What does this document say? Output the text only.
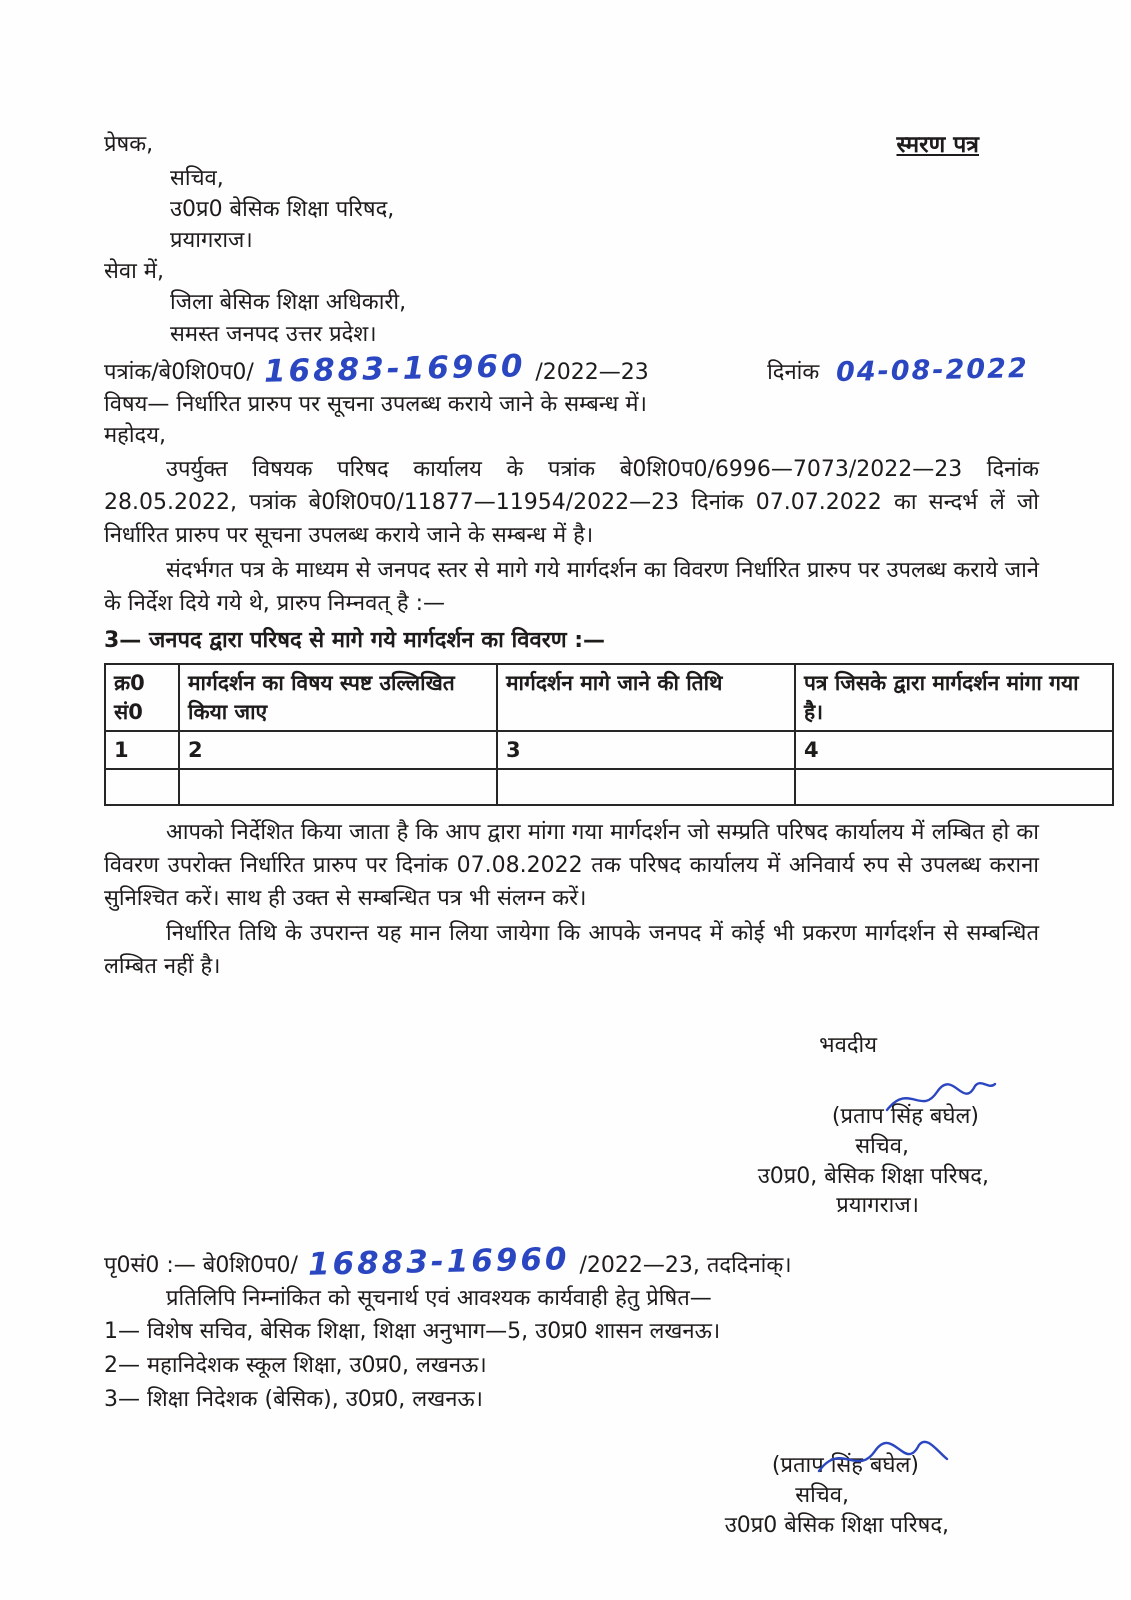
प्रेषक,	स्मरण पत्र
सचिव,
उ0प्र0 बेसिक शिक्षा परिषद,
प्रयागराज।
सेवा में,
जिला बेसिक शिक्षा अधिकारी,
समस्त जनपद उत्तर प्रदेश।
पत्रांक/बे0शि0प0/ 16883-16960 /2022—23	दिनांक 04-08-2022
विषय— निर्धारित प्रारुप पर सूचना उपलब्ध कराये जाने के सम्बन्ध में।
महोदय,
उपर्युक्त विषयक परिषद कार्यालय के पत्रांक बे0शि0प0/6996—7073/2022—23 दिनांक 28.05.2022, पत्रांक बे0शि0प0/11877—11954/2022—23 दिनांक 07.07.2022 का सन्दर्भ लें जो निर्धारित प्रारुप पर सूचना उपलब्ध कराये जाने के सम्बन्ध में है।
संदर्भगत पत्र के माध्यम से जनपद स्तर से मागे गये मार्गदर्शन का विवरण निर्धारित प्रारुप पर उपलब्ध कराये जाने के निर्देश दिये गये थे, प्रारुप निम्नवत् है :—
3— जनपद द्वारा परिषद से मागे गये मार्गदर्शन का विवरण :—
क्र0 सं0	मार्गदर्शन का विषय स्पष्ट उल्लिखित किया जाए	मार्गदर्शन मागे जाने की तिथि	पत्र जिसके द्वारा मार्गदर्शन मांगा गया है।
1	2	3	4

आपको निर्देशित किया जाता है कि आप द्वारा मांगा गया मार्गदर्शन जो सम्प्रति परिषद कार्यालय में लम्बित हो का विवरण उपरोक्त निर्धारित प्रारुप पर दिनांक 07.08.2022 तक परिषद कार्यालय में अनिवार्य रुप से उपलब्ध कराना सुनिश्चित करें। साथ ही उक्त से सम्बन्धित पत्र भी संलग्न करें।
निर्धारित तिथि के उपरान्त यह मान लिया जायेगा कि आपके जनपद में कोई भी प्रकरण मार्गदर्शन से सम्बन्धित लम्बित नहीं है।
भवदीय
(प्रताप सिंह बघेल)
सचिव,
उ0प्र0, बेसिक शिक्षा परिषद,
प्रयागराज।
पृ0सं0 :— बे0शि0प0/ 16883-16960 /2022—23, तददिनांक्।
प्रतिलिपि निम्नांकित को सूचनार्थ एवं आवश्यक कार्यवाही हेतु प्रेषित—
1— विशेष सचिव, बेसिक शिक्षा, शिक्षा अनुभाग—5, उ0प्र0 शासन लखनऊ।
2— महानिदेशक स्कूल शिक्षा, उ0प्र0, लखनऊ।
3— शिक्षा निदेशक (बेसिक), उ0प्र0, लखनऊ।
(प्रताप सिंह बघेल)
सचिव,
उ0प्र0 बेसिक शिक्षा परिषद,
